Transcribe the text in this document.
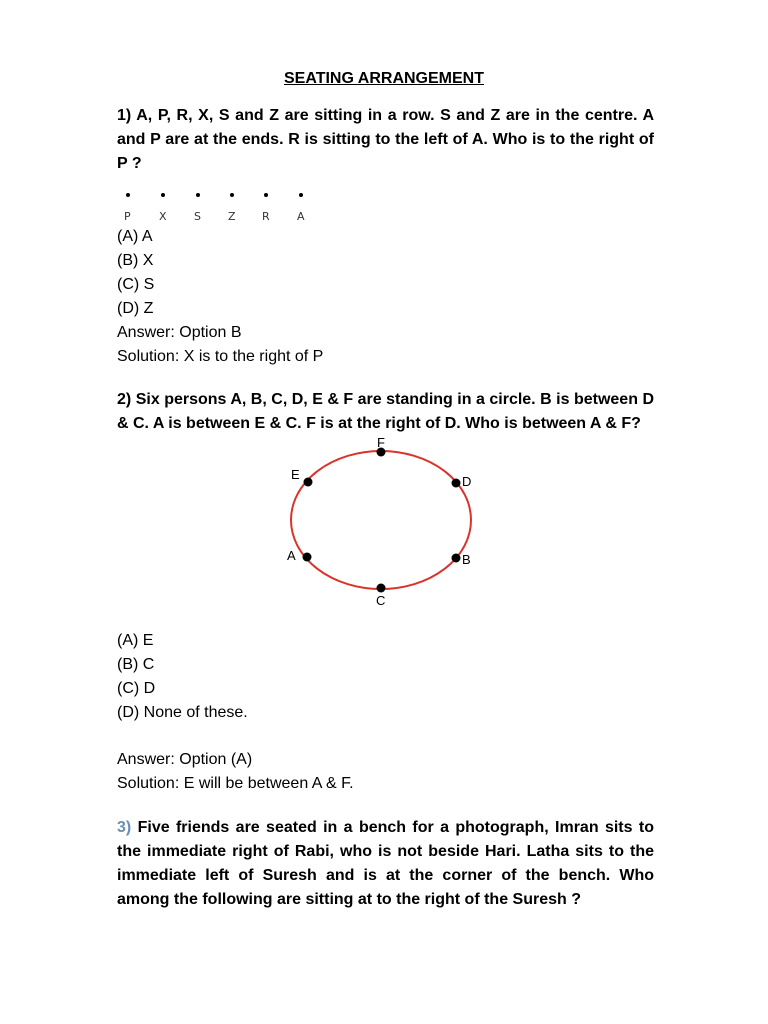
SEATING ARRANGEMENT
1) A, P, R, X, S and Z are sitting in a row. S and Z are in the centre. A and P are at the ends. R is sitting to the left of A. Who is to the right of P ?
P	X S Z R A
(A) A
(B) X
(C) S
(D) Z
Answer: Option B
Solution: X is to the right of P
2) Six persons A, B, C, D, E & F are standing in a circle. B is between D & C. A is between E & C. F is at the right of D. Who is between A & F?
F
D
B
C
A
E
(A) E
(B) C
(C) D
(D) None of these.
Answer: Option (A)
Solution: E will be between A & F.
3) Five friends are seated in a bench for a photograph, Imran sits to the immediate right of Rabi, who is not beside Hari. Latha sits to the immediate left of Suresh and is at the corner of the bench. Who among the following are sitting at to the right of the Suresh ?
